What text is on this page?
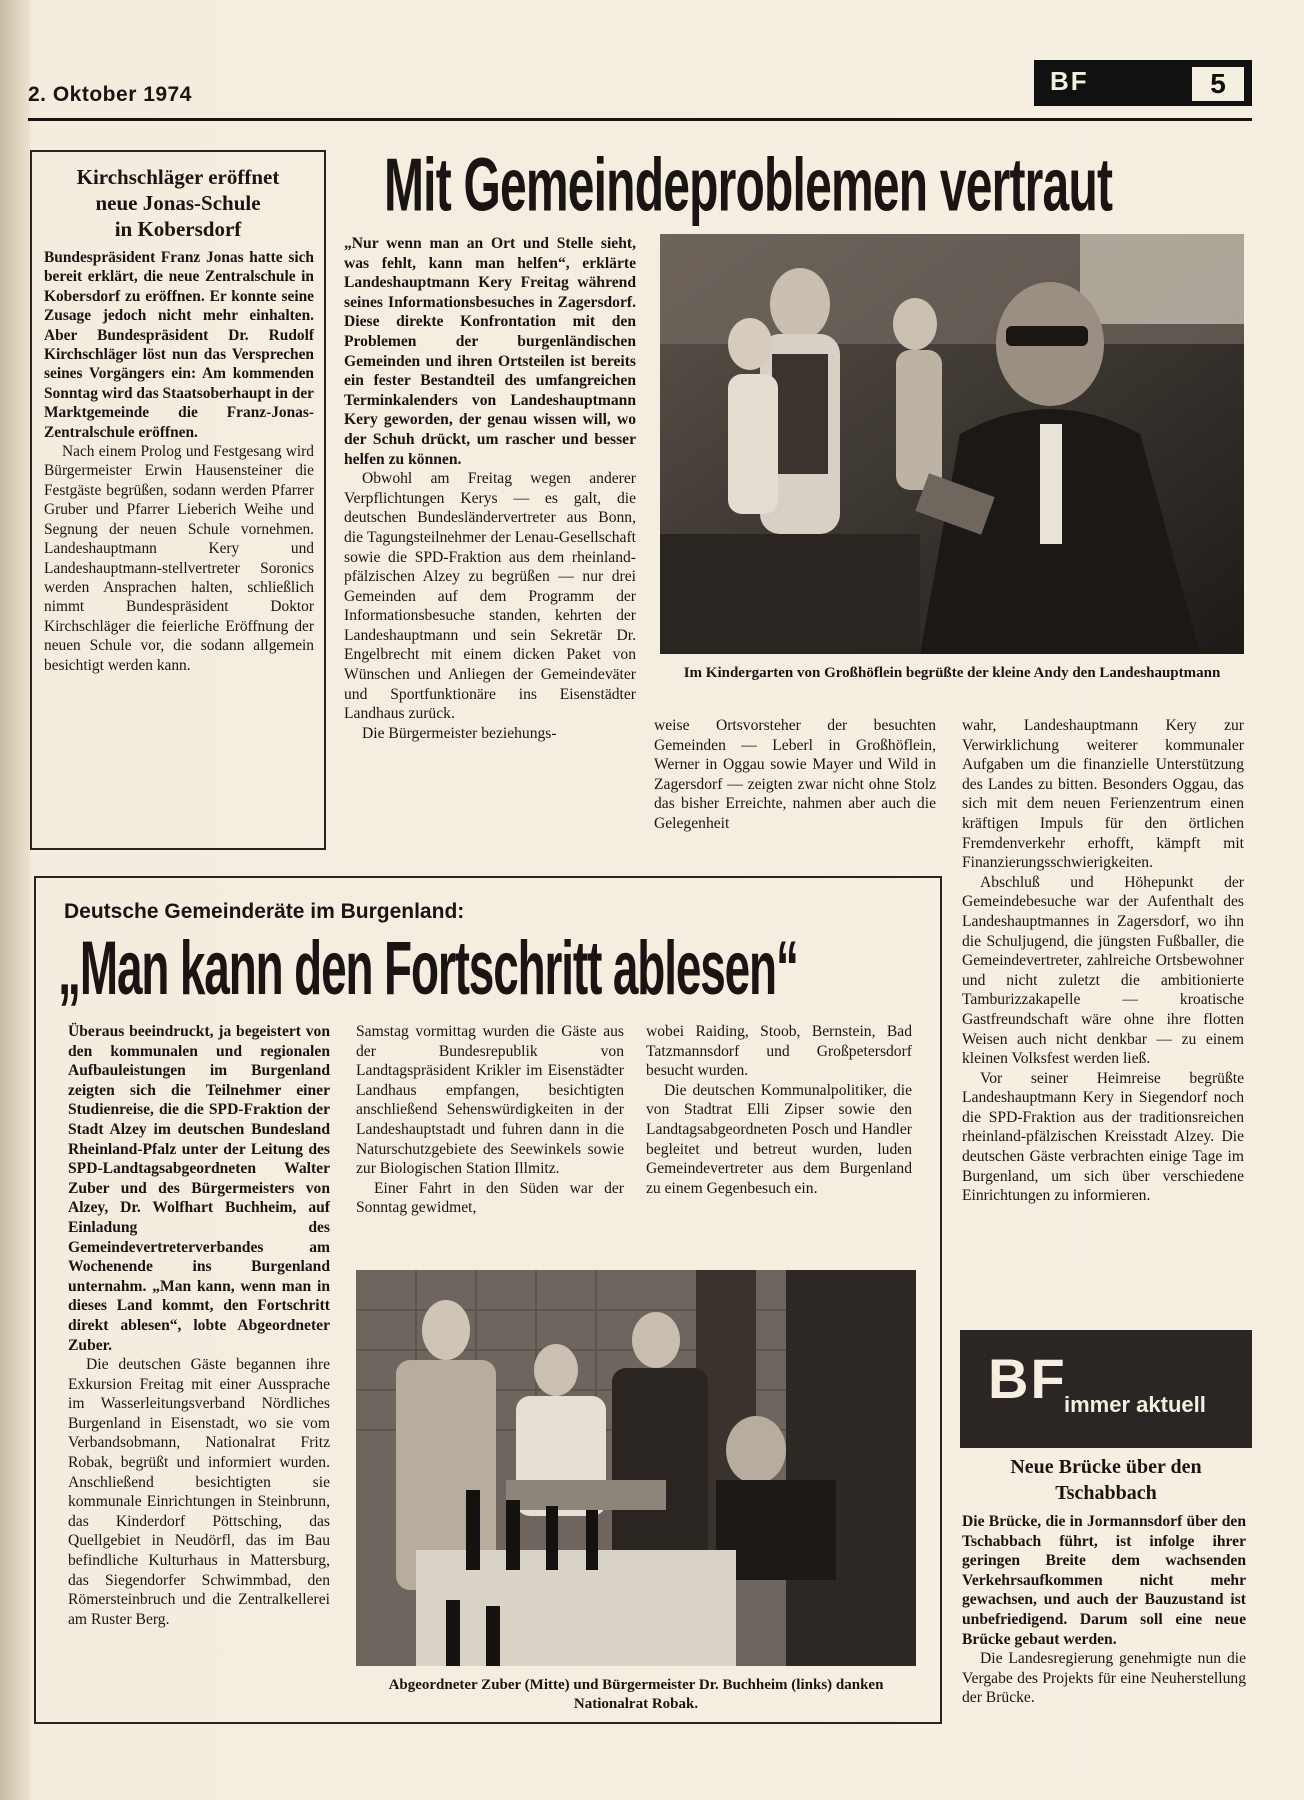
2. Oktober 1974	BF	5
Kirchschläger eröffnet
neue Jonas-Schule
in Kobersdorf

Bundespräsident Franz Jonas hatte sich bereit erklärt, die neue Zentralschule in Kobersdorf zu eröffnen. Er konnte seine Zusage jedoch nicht mehr einhalten. Aber Bundespräsident Dr. Rudolf Kirchschläger löst nun das Versprechen seines Vorgängers ein: Am kommenden Sonntag wird das Staatsoberhaupt in der Marktgemeinde die Franz-Jonas-Zentralschule eröffnen.

Nach einem Prolog und Festgesang wird Bürgermeister Erwin Hausensteiner die Festgäste begrüßen, sodann werden Pfarrer Gruber und Pfarrer Lieberich Weihe und Segnung der neuen Schule vornehmen. Landeshauptmann Kery und Landeshauptmann-stellvertreter Soronics werden Ansprachen halten, schließlich nimmt Bundespräsident Doktor Kirchschläger die feierliche Eröffnung der neuen Schule vor, die sodann allgemein besichtigt werden kann.

Mit Gemeindeproblemen vertraut

„Nur wenn man an Ort und Stelle sieht, was fehlt, kann man helfen“, erklärte Landeshauptmann Kery Freitag während seines Informationsbesuches in Zagersdorf. Diese direkte Konfrontation mit den Problemen der burgenländischen Gemeinden und ihren Ortsteilen ist bereits ein fester Bestandteil des umfangreichen Terminkalenders von Landeshauptmann Kery geworden, der genau wissen will, wo der Schuh drückt, um rascher und besser helfen zu können.

Obwohl am Freitag wegen anderer Verpflichtungen Kerys — es galt, die deutschen Bundesländervertreter aus Bonn, die Tagungsteilnehmer der Lenau-Gesellschaft sowie die SPD-Fraktion aus dem rheinland-pfälzischen Alzey zu begrüßen — nur drei Gemeinden auf dem Programm der Informationsbesuche standen, kehrten der Landeshauptmann und sein Sekretär Dr. Engelbrecht mit einem dicken Paket von Wünschen und Anliegen der Gemeindeväter und Sportfunktionäre ins Eisenstädter Landhaus zurück.

Die Bürgermeister beziehungs-

Im Kindergarten von Großhöflein begrüßte der kleine Andy den Landeshauptmann

weise Ortsvorsteher der besuchten Gemeinden — Leberl in Großhöflein, Werner in Oggau sowie Mayer und Wild in Zagersdorf — zeigten zwar nicht ohne Stolz das bisher Erreichte, nahmen aber auch die Gelegenheit

wahr, Landeshauptmann Kery zur Verwirklichung weiterer kommunaler Aufgaben um die finanzielle Unterstützung des Landes zu bitten. Besonders Oggau, das sich mit dem neuen Ferienzentrum einen kräftigen Impuls für den örtlichen Fremdenverkehr erhofft, kämpft mit Finanzierungsschwierigkeiten.

Abschluß und Höhepunkt der Gemeindebesuche war der Aufenthalt des Landeshauptmannes in Zagersdorf, wo ihn die Schuljugend, die jüngsten Fußballer, die Gemeindevertreter, zahlreiche Ortsbewohner und nicht zuletzt die ambitionierte Tamburizzakapelle — kroatische Gastfreundschaft wäre ohne ihre flotten Weisen auch nicht denkbar — zu einem kleinen Volksfest werden ließ.

Vor seiner Heimreise begrüßte Landeshauptmann Kery in Siegendorf noch die SPD-Fraktion aus der traditionsreichen rheinland-pfälzischen Kreisstadt Alzey. Die deutschen Gäste verbrachten einige Tage im Burgenland, um sich über verschiedene Einrichtungen zu informieren.

Deutsche Gemeinderäte im Burgenland:
„Man kann den Fortschritt ablesen“

Überaus beeindruckt, ja begeistert von den kommunalen und regionalen Aufbauleistungen im Burgenland zeigten sich die Teilnehmer einer Studienreise, die die SPD-Fraktion der Stadt Alzey im deutschen Bundesland Rheinland-Pfalz unter der Leitung des SPD-Landtagsabgeordneten Walter Zuber und des Bürgermeisters von Alzey, Dr. Wolfhart Buchheim, auf Einladung des Gemeindevertreterverbandes am Wochenende ins Burgenland unternahm. „Man kann, wenn man in dieses Land kommt, den Fortschritt direkt ablesen“, lobte Abgeordneter Zuber.

Die deutschen Gäste begannen ihre Exkursion Freitag mit einer Aussprache im Wasserleitungsverband Nördliches Burgenland in Eisenstadt, wo sie vom Verbandsobmann, Nationalrat Fritz Robak, begrüßt und informiert wurden. Anschließend besichtigten sie kommunale Einrichtungen in Steinbrunn, das Kinderdorf Pöttsching, das Quellgebiet in Neudörfl, das im Bau befindliche Kulturhaus in Mattersburg, das Siegendorfer Schwimmbad, den Römersteinbruch und die Zentralkellerei am Ruster Berg.

Samstag vormittag wurden die Gäste aus der Bundesrepublik von Landtagspräsident Krikler im Eisenstädter Landhaus empfangen, besichtigten anschließend Sehenswürdigkeiten in der Landeshauptstadt und fuhren dann in die Naturschutzgebiete des Seewinkels sowie zur Biologischen Station Illmitz.

Einer Fahrt in den Süden war der Sonntag gewidmet,

wobei Raiding, Stoob, Bernstein, Bad Tatzmannsdorf und Großpetersdorf besucht wurden.

Die deutschen Kommunalpolitiker, die von Stadtrat Elli Zipser sowie den Landtagsabgeordneten Posch und Handler begleitet und betreut wurden, luden Gemeindevertreter aus dem Burgenland zu einem Gegenbesuch ein.

Abgeordneter Zuber (Mitte) und Bürgermeister Dr. Buchheim (links) danken Nationalrat Robak.
BF
immer aktuell
Neue Brücke über den
Tschabbach

Die Brücke, die in Jormannsdorf über den Tschabbach führt, ist infolge ihrer geringen Breite dem wachsenden Verkehrsaufkommen nicht mehr gewachsen, und auch der Bauzustand ist unbefriedigend. Darum soll eine neue Brücke gebaut werden.

Die Landesregierung genehmigte nun die Vergabe des Projekts für eine Neuherstellung der Brücke.
